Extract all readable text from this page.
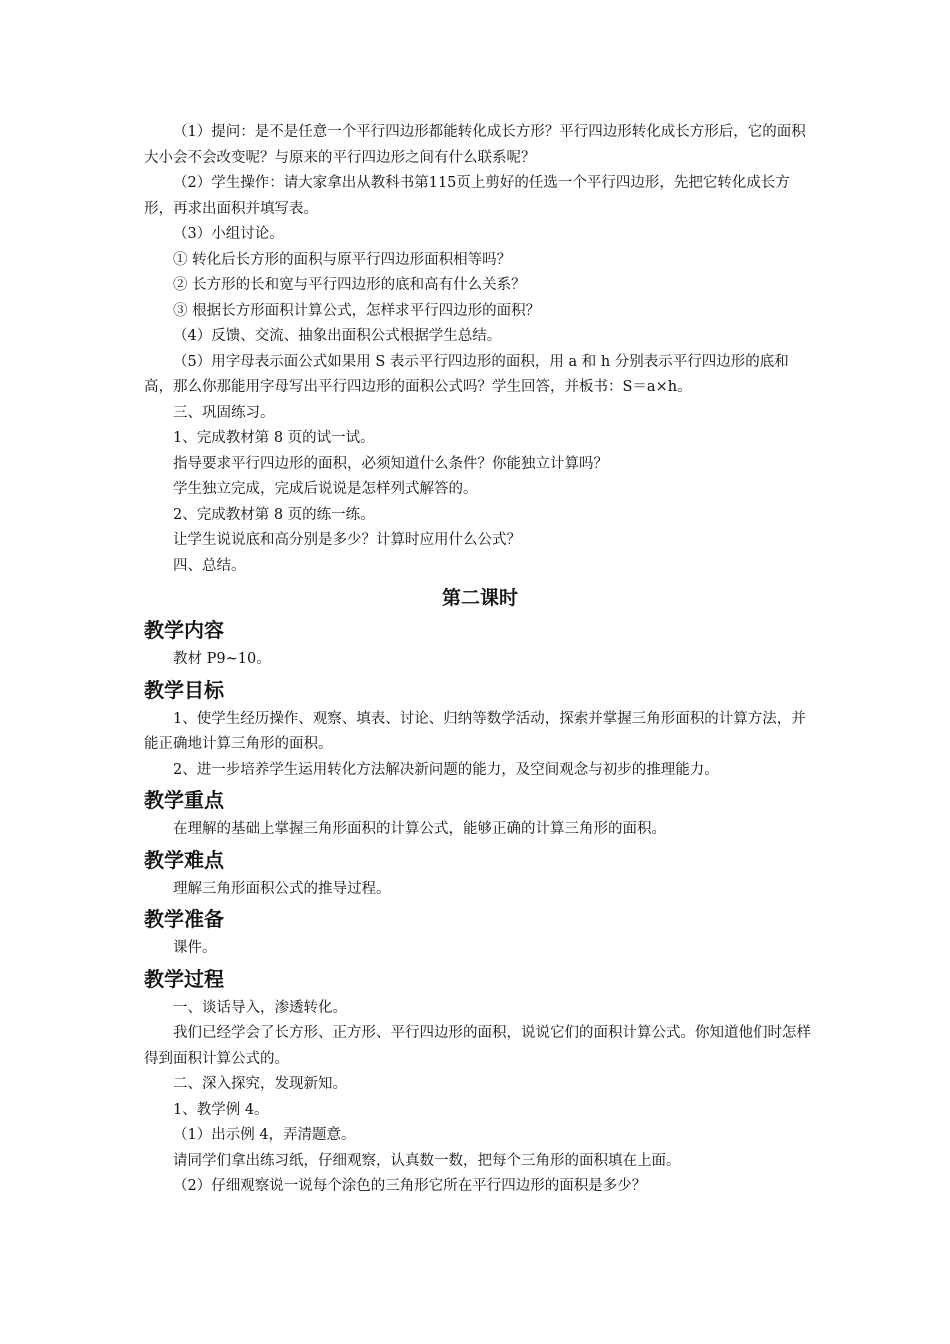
（1）提问：是不是任意一个平行四边形都能转化成长方形？平行四边形转化成长方形后，它的面积大小会不会改变呢？与原来的平行四边形之间有什么联系呢？

（2）学生操作：请大家拿出从教科书第115页上剪好的任选一个平行四边形，先把它转化成长方形，再求出面积并填写表。

（3）小组讨论。

① 转化后长方形的面积与原平行四边形面积相等吗？

② 长方形的长和宽与平行四边形的底和高有什么关系？

③ 根据长方形面积计算公式，怎样求平行四边形的面积？

（4）反馈、交流、抽象出面积公式根据学生总结。

（5）用字母表示面公式如果用 S 表示平行四边形的面积，用 a 和 h 分别表示平行四边形的底和高，那么你那能用字母写出平行四边形的面积公式吗？学生回答，并板书：S＝a×h。

三、巩固练习。

1、完成教材第 8 页的试一试。

指导要求平行四边形的面积，必须知道什么条件？你能独立计算吗？

学生独立完成，完成后说说是怎样列式解答的。

2、完成教材第 8 页的练一练。

让学生说说底和高分别是多少？计算时应用什么公式？

四、总结。

第二课时
教学内容

教材 P9~10。

教学目标

1、使学生经历操作、观察、填表、讨论、归纳等数学活动，探索并掌握三角形面积的计算方法，并能正确地计算三角形的面积。

2、进一步培养学生运用转化方法解决新问题的能力，及空间观念与初步的推理能力。

教学重点

在理解的基础上掌握三角形面积的计算公式，能够正确的计算三角形的面积。

教学难点

理解三角形面积公式的推导过程。

教学准备

课件。

教学过程

一、谈话导入，渗透转化。

我们已经学会了长方形、正方形、平行四边形的面积，说说它们的面积计算公式。你知道他们时怎样得到面积计算公式的。

二、深入探究，发现新知。

1、教学例 4。

（1）出示例 4，弄清题意。

请同学们拿出练习纸，仔细观察，认真数一数，把每个三角形的面积填在上面。

（2）仔细观察说一说每个涂色的三角形它所在平行四边形的面积是多少？
